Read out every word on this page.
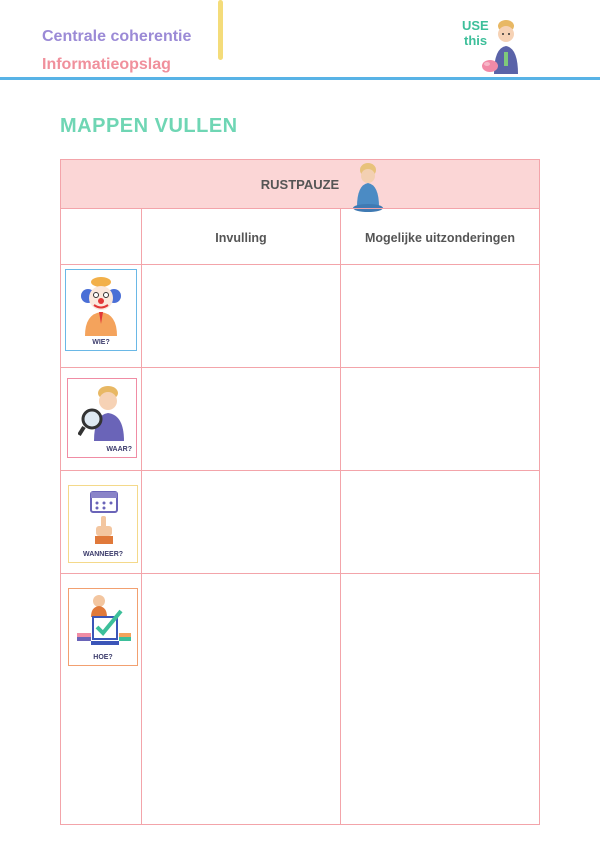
Centrale coherentie
Informatieopslag
USE
this
MAPPEN VULLEN
RUSTPAUZE
Invulling	Mogelijke uitzonderingen
WIE?
WAAR?
WANNEER?
HOE?
